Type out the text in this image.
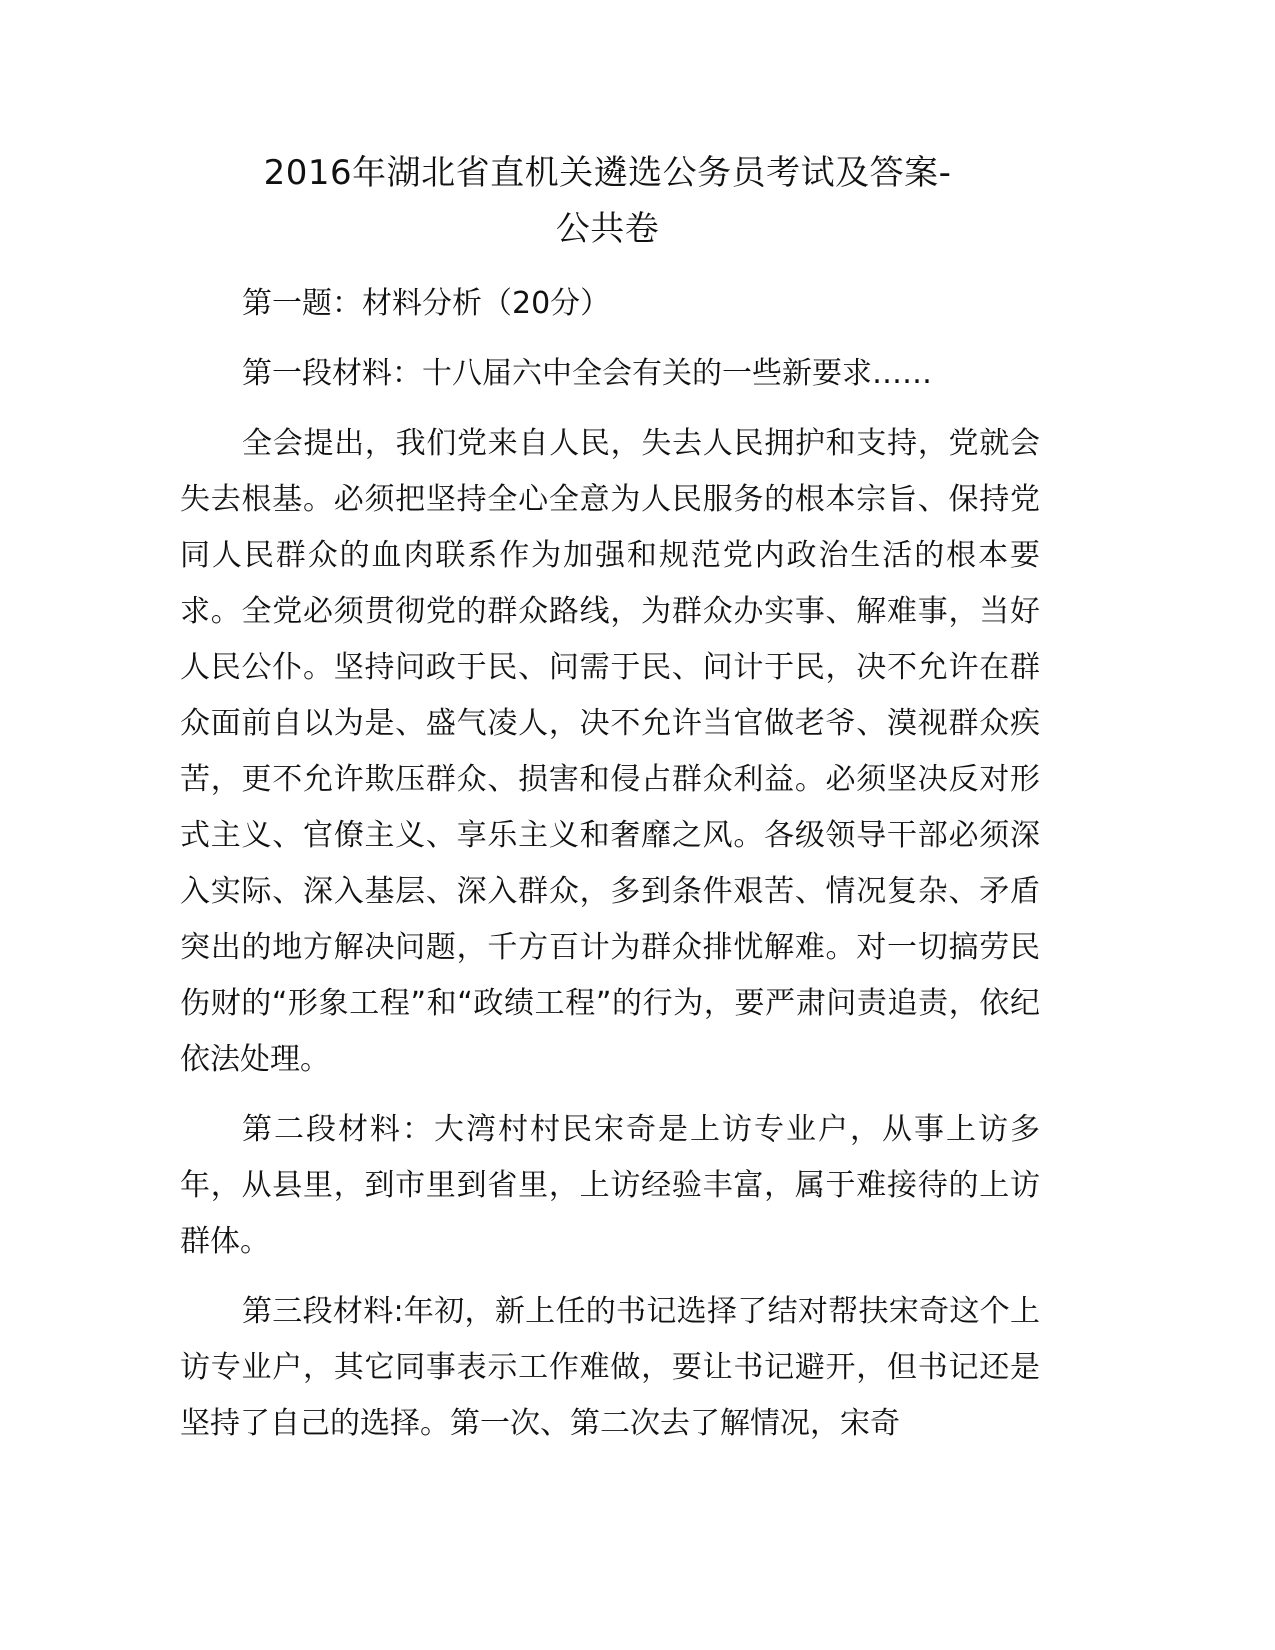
2016年湖北省直机关遴选公务员考试及答案-
公共卷

第一题：材料分析（20分）

第一段材料：十八届六中全会有关的一些新要求……

全会提出，我们党来自人民，失去人民拥护和支持，党就会失去根基。必须把坚持全心全意为人民服务的根本宗旨、保持党同人民群众的血肉联系作为加强和规范党内政治生活的根本要求。全党必须贯彻党的群众路线，为群众办实事、解难事，当好人民公仆。坚持问政于民、问需于民、问计于民，决不允许在群众面前自以为是、盛气凌人，决不允许当官做老爷、漠视群众疾苦，更不允许欺压群众、损害和侵占群众利益。必须坚决反对形式主义、官僚主义、享乐主义和奢靡之风。各级领导干部必须深入实际、深入基层、深入群众，多到条件艰苦、情况复杂、矛盾突出的地方解决问题，千方百计为群众排忧解难。对一切搞劳民伤财的“形象工程”和“政绩工程”的行为，要严肃问责追责，依纪依法处理。

第二段材料：大湾村村民宋奇是上访专业户，从事上访多年，从县里，到市里到省里，上访经验丰富，属于难接待的上访群体。

第三段材料:年初，新上任的书记选择了结对帮扶宋奇这个上访专业户，其它同事表示工作难做，要让书记避开，但书记还是坚持了自己的选择。第一次、第二次去了解情况，宋奇
